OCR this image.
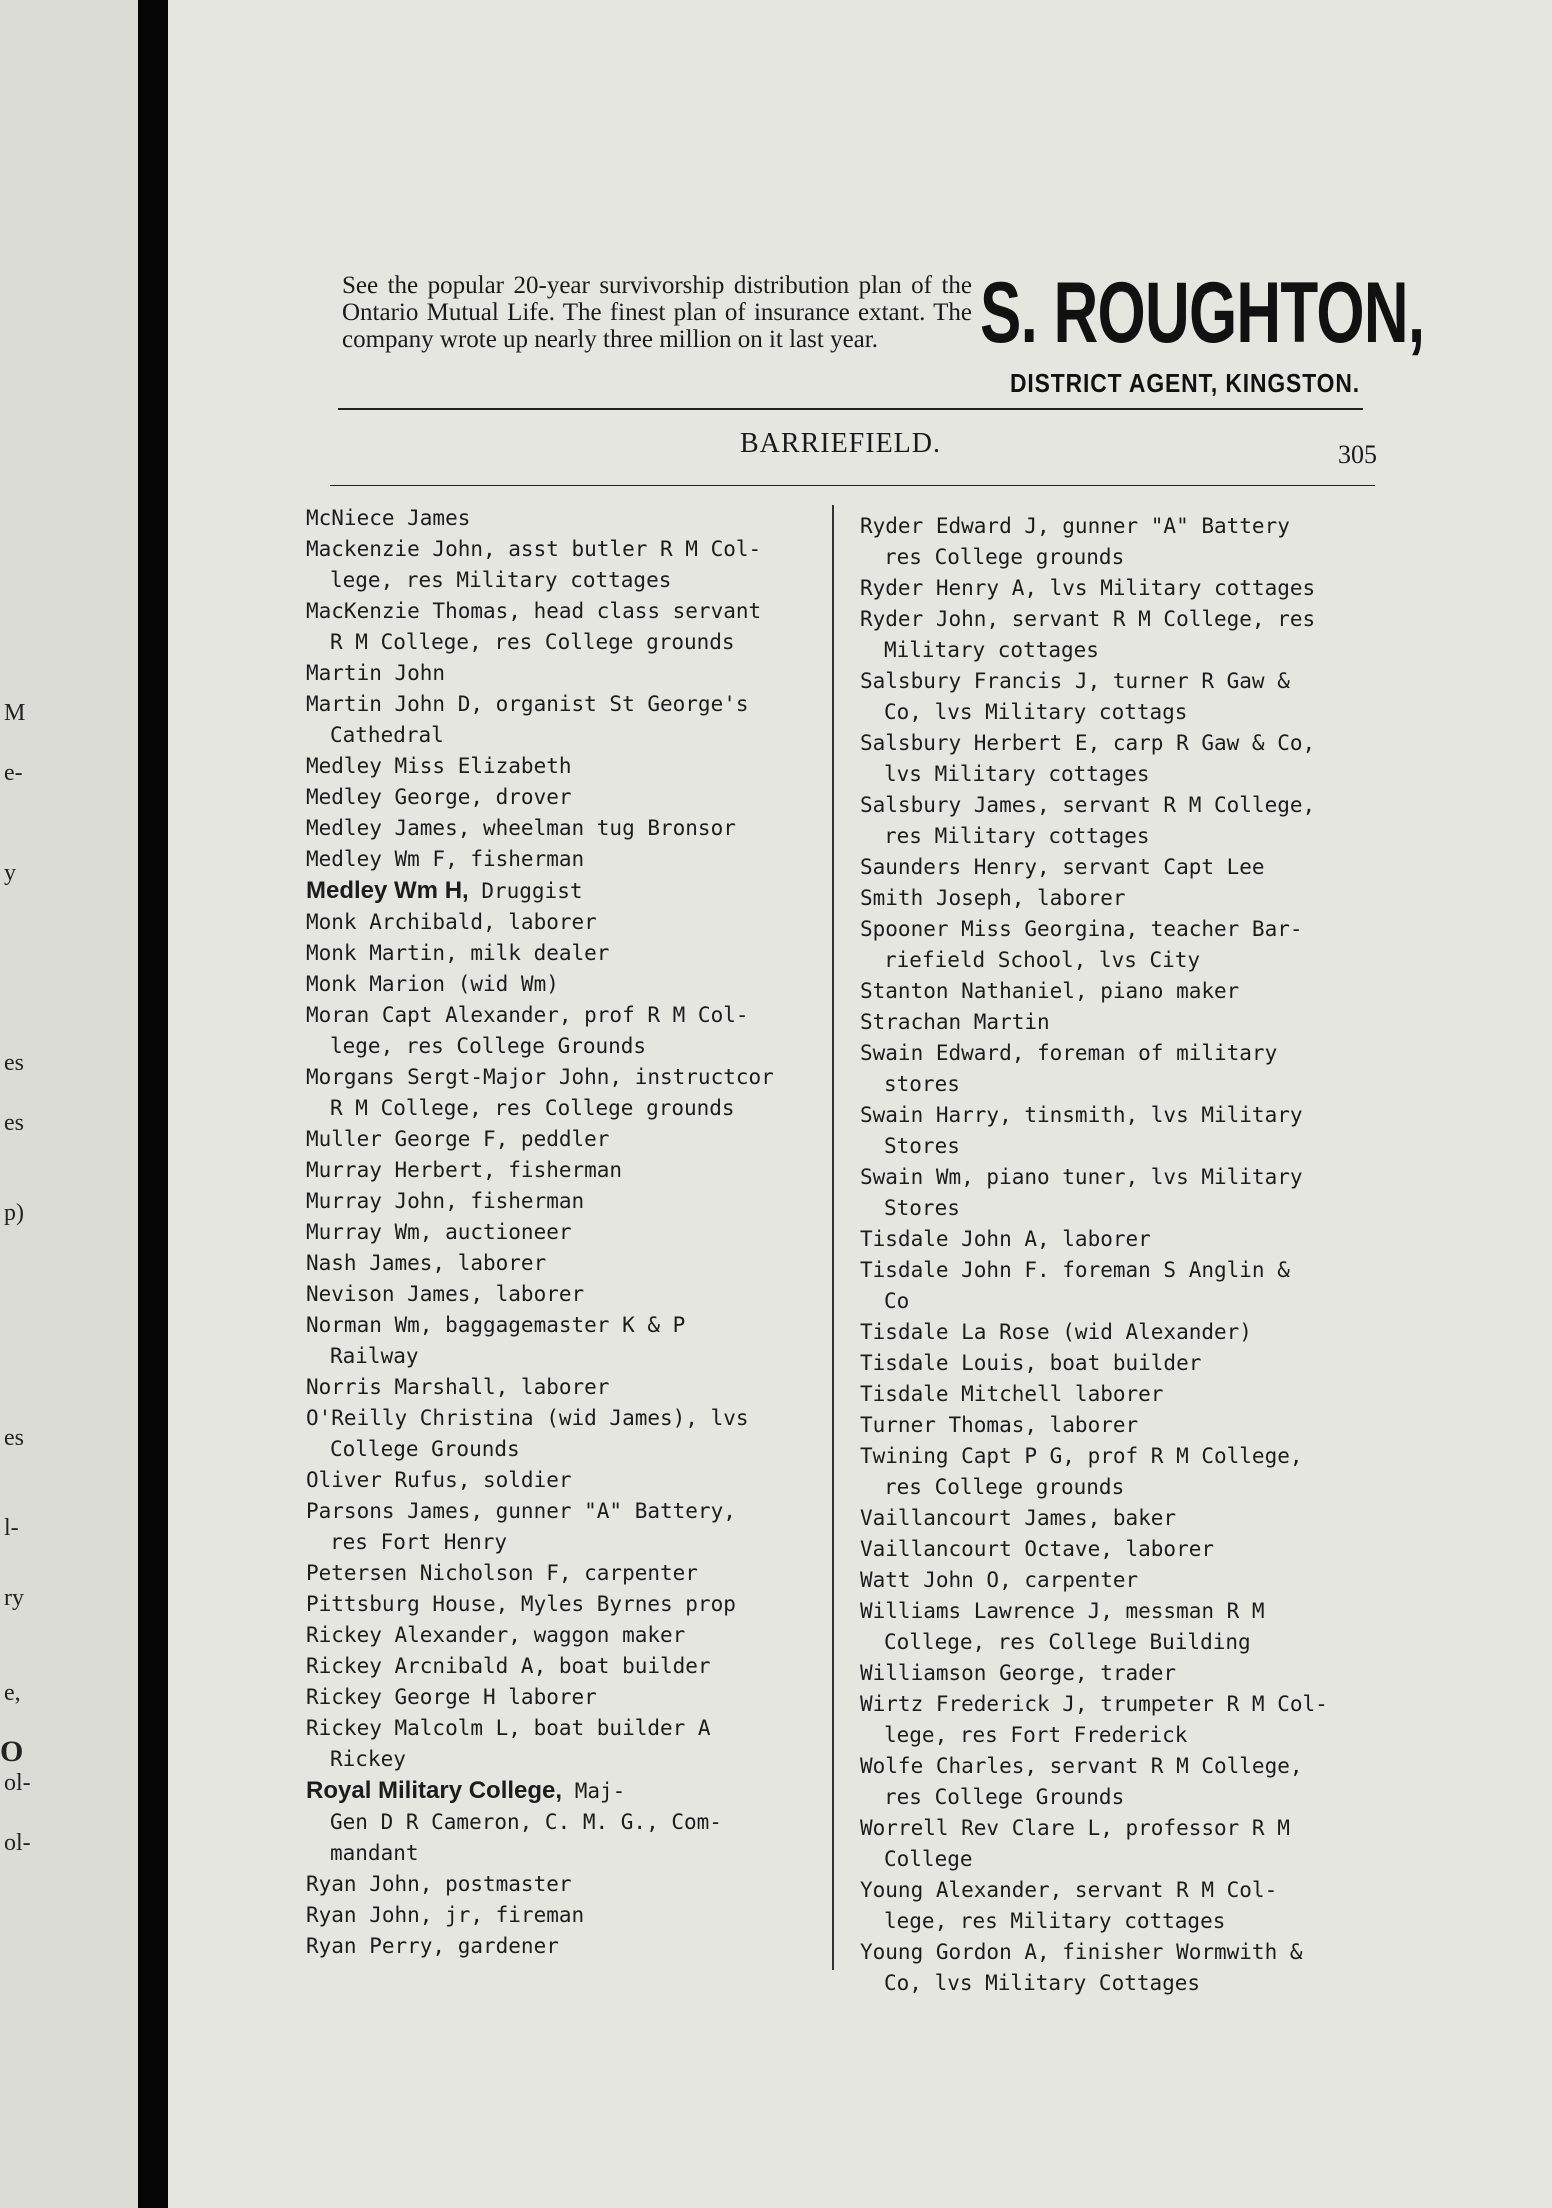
M
e-
y
es
es
p)
es
l-
ry
e,
O
ol-
ol-
See the popular 20-year survivorship distribution plan of the Ontario Mutual Life. The finest plan of insurance extant. The company wrote up nearly three million on it last year.	S. ROUGHTON,
DISTRICT AGENT, KINGSTON.
BARRIEFIELD.	305
McNiece James
Mackenzie John, asst butler R M Col-
lege, res Military cottages
MacKenzie Thomas, head class servant
R M College, res College grounds
Martin John
Martin John D, organist St George's
Cathedral
Medley Miss Elizabeth
Medley George, drover
Medley James, wheelman tug Bronsor
Medley Wm F, fisherman
Medley Wm H, Druggist
Monk Archibald, laborer
Monk Martin, milk dealer
Monk Marion (wid Wm)
Moran Capt Alexander, prof R M Col-
lege, res College Grounds
Morgans Sergt-Major John, instructcor
R M College, res College grounds
Muller George F, peddler
Murray Herbert, fisherman
Murray John, fisherman
Murray Wm, auctioneer
Nash James, laborer
Nevison James, laborer
Norman Wm, baggagemaster K & P
Railway
Norris Marshall, laborer
O'Reilly Christina (wid James), lvs
College Grounds
Oliver Rufus, soldier
Parsons James, gunner "A" Battery,
res Fort Henry
Petersen Nicholson F, carpenter
Pittsburg House, Myles Byrnes prop
Rickey Alexander, waggon maker
Rickey Arcnibald A, boat builder
Rickey George H laborer
Rickey Malcolm L, boat builder A
Rickey
Royal Military College, Maj-
Gen D R Cameron, C. M. G., Com-
mandant
Ryan John, postmaster
Ryan John, jr, fireman
Ryan Perry, gardener
Ryder Edward J, gunner "A" Battery
res College grounds
Ryder Henry A, lvs Military cottages
Ryder John, servant R M College, res
Military cottages
Salsbury Francis J, turner R Gaw &
Co, lvs Military cottags
Salsbury Herbert E, carp R Gaw & Co,
lvs Military cottages
Salsbury James, servant R M College,
res Military cottages
Saunders Henry, servant Capt Lee
Smith Joseph, laborer
Spooner Miss Georgina, teacher Bar-
riefield School, lvs City
Stanton Nathaniel, piano maker
Strachan Martin
Swain Edward, foreman of military
stores
Swain Harry, tinsmith, lvs Military
Stores
Swain Wm, piano tuner, lvs Military
Stores
Tisdale John A, laborer
Tisdale John F. foreman S Anglin &
Co
Tisdale La Rose (wid Alexander)
Tisdale Louis, boat builder
Tisdale Mitchell laborer
Turner Thomas, laborer
Twining Capt P G, prof R M College,
res College grounds
Vaillancourt James, baker
Vaillancourt Octave, laborer
Watt John O, carpenter
Williams Lawrence J, messman R M
College, res College Building
Williamson George, trader
Wirtz Frederick J, trumpeter R M Col-
lege, res Fort Frederick
Wolfe Charles, servant R M College,
res College Grounds
Worrell Rev Clare L, professor R M
College
Young Alexander, servant R M Col-
lege, res Military cottages
Young Gordon A, finisher Wormwith &
Co, lvs Military Cottages
